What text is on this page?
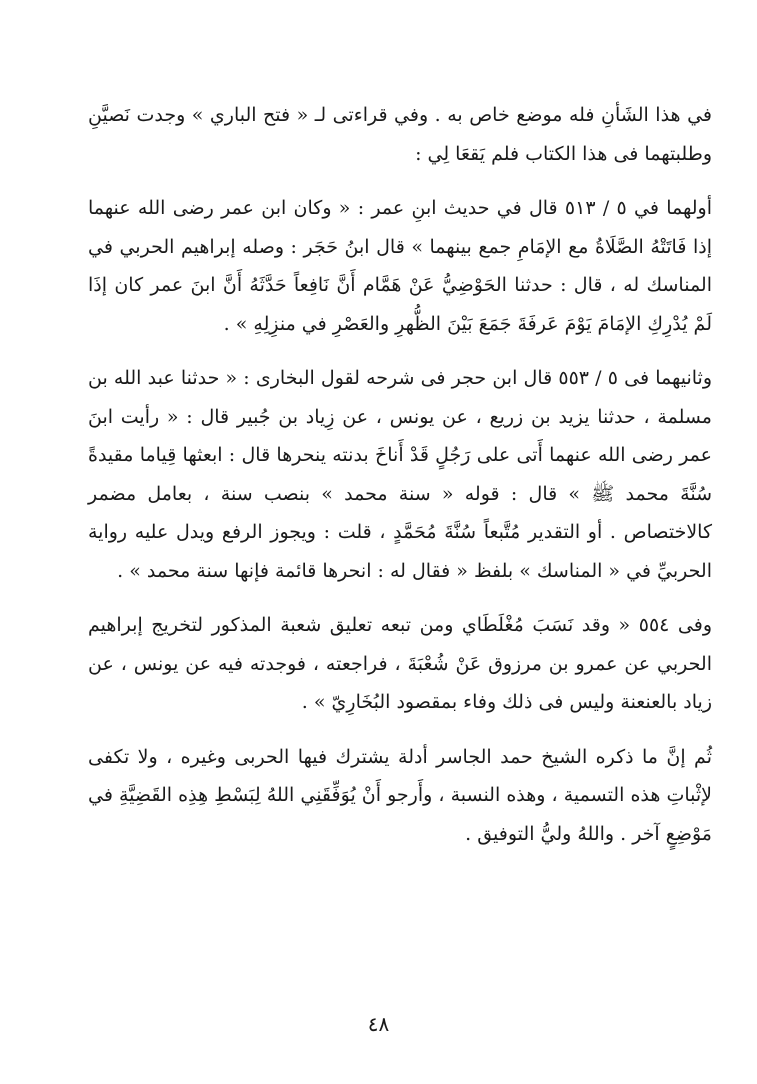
في هذا الشَأنِ فله موضع خاص به . وفي قراءتى لـ « فتح الباري » وجدت نَصيَّنِ وطلبتهما فى هذا الكتاب فلم يَقعَا لِي :

أولهما في ٥ / ٥١٣ قال في حديث ابنِ عمر : « وكان ابن عمر رضى الله عنهما إذا فَاتَتْهُ الصَّلَاةُ مع الإمَامِ جمع بينهما » قال ابنُ حَجَر : وصله إبراهيم الحربي في المناسك له ، قال : حدثنا الحَوْضِيُّ عَنْ هَمَّام أَنَّ نَافِعاً حَدَّثَهُ أَنَّ ابنَ عمر كان إذَا لَمْ يُدْرِكِ الإمَامَ يَوْمَ عَرفَةَ جَمَعَ بَيْنَ الظُّهرِ والعَصْرِ في منزِلِهِ » .

وثانيهما فى ٥ / ٥٥٣ قال ابن حجر فى شرحه لقول البخارى : « حدثنا عبد الله بن مسلمة ، حدثنا يزيد بن زريع ، عن يونس ، عن زِياد بن جُبير قال : « رأيت ابنَ عمر رضى الله عنهما أَتى على رَجُلٍ قَدْ أَناخَ بدنته ينحرها قال : ابعثها قِياما مقيدةً سُنَّةَ محمد ﷺ » قال : قوله « سنة محمد » بنصب سنة ، بعامل مضمر كالاختصاص . أو التقدير مُتَّبعاً سُنَّةَ مُحَمَّدٍ ، قلت : ويجوز الرفع ويدل عليه رواية الحربيِّ في « المناسك » بلفظ « فقال له : انحرها قائمة فإنها سنة محمد » .

وفى ٥٥٤ « وقد نَسَبَ مُغْلَطَاي ومن تبعه تعليق شعبة المذكور لتخريج إبراهيم الحربي عن عمرو بن مرزوق عَنْ شُعْبَةَ ، فراجعته ، فوجدته فيه عن يونس ، عن زياد بالعنعنة وليس فى ذلك وفاء بمقصود البُخَارِيّ » .

ثُم إنَّ ما ذكره الشيخ حمد الجاسر أدلة يشترك فيها الحربى وغيره ، ولا تكفى لإثْباتِ هذه التسمية ، وهذه النسبة ، وأَرجو أَنْ يُوَفِّقَنِي اللهُ لِبَسْطِ هِذِه القَضِيَّةِ في مَوْضِعٍ آخر . واللهُ وليُّ التوفيق .

٤٨
